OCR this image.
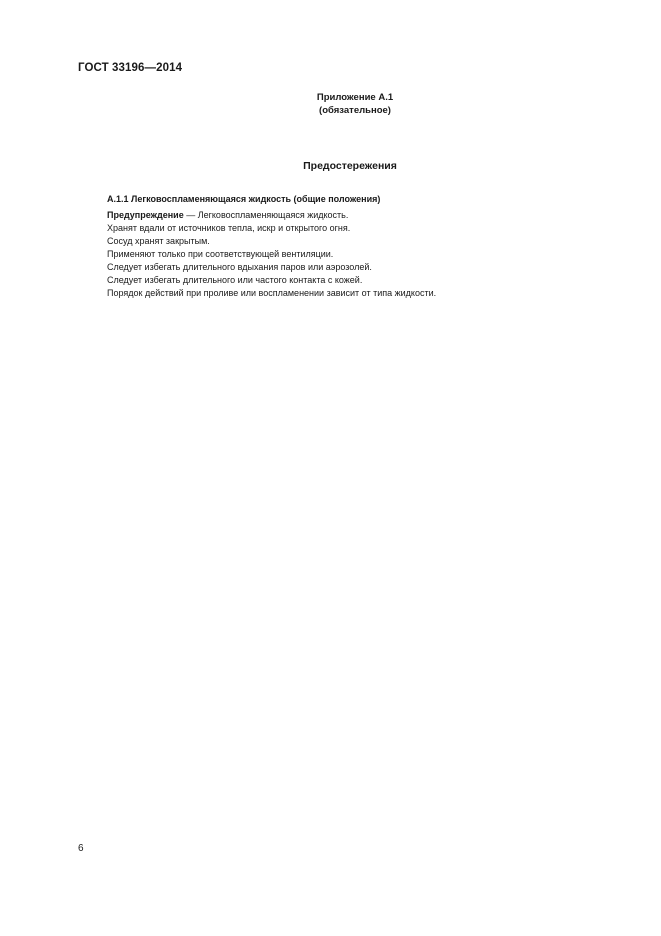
ГОСТ 33196—2014
Приложение А.1
(обязательное)
Предостережения
А.1.1 Легковоспламеняющаяся жидкость (общие положения)
Предупреждение — Легковоспламеняющаяся жидкость.
Хранят вдали от источников тепла, искр и открытого огня.
Сосуд хранят закрытым.
Применяют только при соответствующей вентиляции.
Следует избегать длительного вдыхания паров или аэрозолей.
Следует избегать длительного или частого контакта с кожей.
Порядок действий при проливе или воспламенении зависит от типа жидкости.
6
